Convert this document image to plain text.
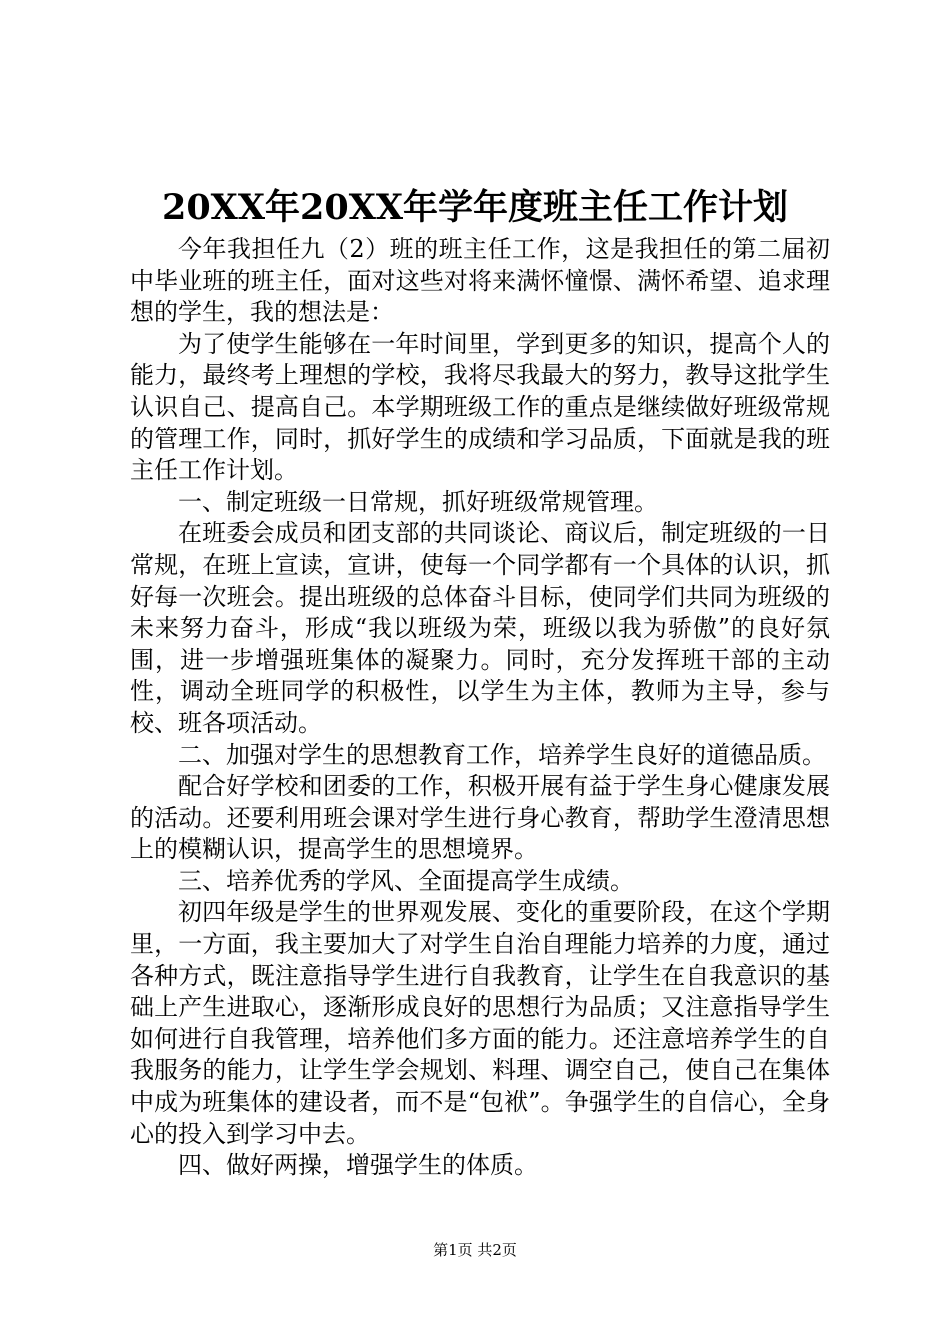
20XX年20XX年学年度班主任工作计划

今年我担任九（2）班的班主任工作，这是我担任的第二届初中毕业班的班主任，面对这些对将来满怀憧憬、满怀希望、追求理想的学生，我的想法是：

为了使学生能够在一年时间里，学到更多的知识，提高个人的能力，最终考上理想的学校，我将尽我最大的努力，教导这批学生认识自己、提高自己。本学期班级工作的重点是继续做好班级常规的管理工作，同时，抓好学生的成绩和学习品质，下面就是我的班主任工作计划。

一、制定班级一日常规，抓好班级常规管理。

在班委会成员和团支部的共同谈论、商议后，制定班级的一日常规，在班上宣读，宣讲，使每一个同学都有一个具体的认识，抓好每一次班会。提出班级的总体奋斗目标，使同学们共同为班级的未来努力奋斗，形成“我以班级为荣，班级以我为骄傲”的良好氛围，进一步增强班集体的凝聚力。同时，充分发挥班干部的主动性，调动全班同学的积极性，以学生为主体，教师为主导，参与校、班各项活动。

二、加强对学生的思想教育工作，培养学生良好的道德品质。

配合好学校和团委的工作，积极开展有益于学生身心健康发展的活动。还要利用班会课对学生进行身心教育，帮助学生澄清思想上的模糊认识，提高学生的思想境界。

三、培养优秀的学风、全面提高学生成绩。

初四年级是学生的世界观发展、变化的重要阶段，在这个学期里，一方面，我主要加大了对学生自治自理能力培养的力度，通过各种方式，既注意指导学生进行自我教育，让学生在自我意识的基础上产生进取心，逐渐形成良好的思想行为品质；又注意指导学生如何进行自我管理，培养他们多方面的能力。还注意培养学生的自我服务的能力，让学生学会规划、料理、调空自己，使自己在集体中成为班集体的建设者，而不是“包袱”。争强学生的自信心，全身心的投入到学习中去。

四、做好两操，增强学生的体质。

第1页 共2页
